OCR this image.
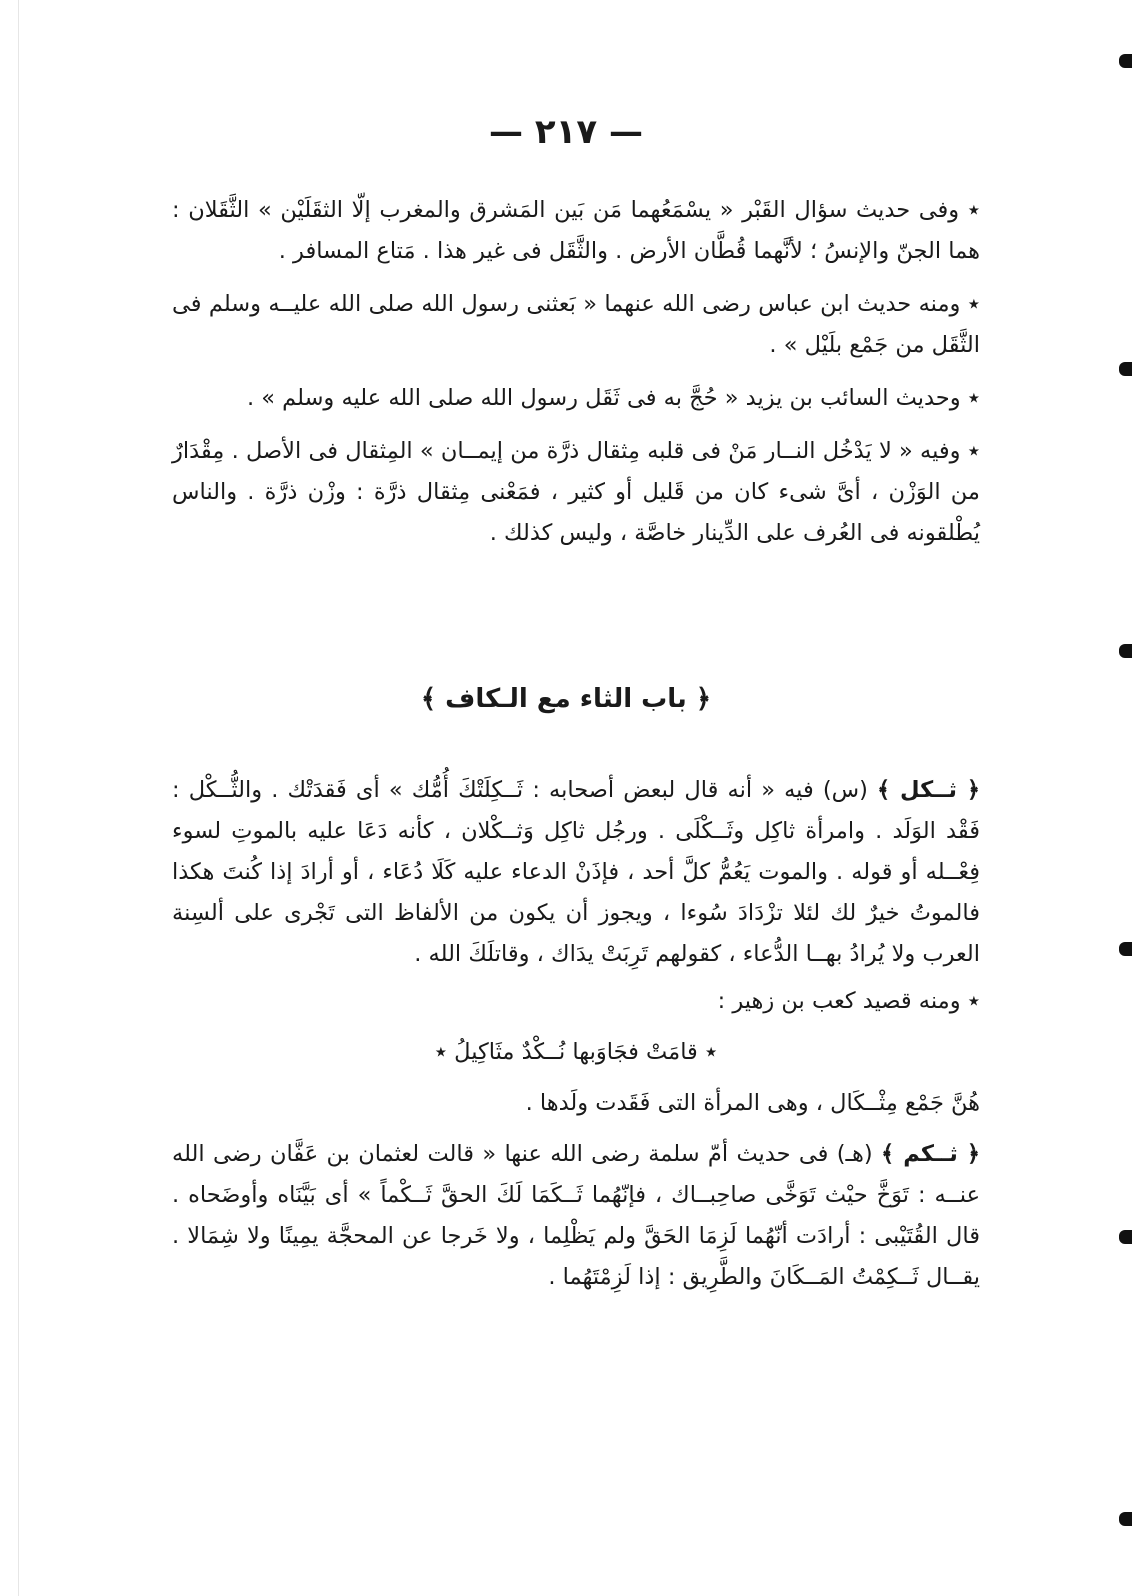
— ٢١٧ —

٭ وفى حديث سؤال القَبْر « يسْمَعُهما مَن بَين المَشرق والمغرب إلّا الثقَلَيْن » الثَّقَلان : هما الجنّ والإنسُ ؛ لأنَّهما قُطَّان الأرض . والثَّقَل فى غير هذا . مَتاع المسافر .

٭ ومنه حديث ابن عباس رضى الله عنهما « بَعثنى رسول الله صلى الله عليــه وسلم فى الثَّقَل من جَمْع بلَيْل » .

٭ وحديث السائب بن يزيد « حُجَّ به فى ثَقَل رسول الله صلى الله عليه وسلم » .

٭ وفيه « لا يَدْخُل النــار مَنْ فى قلبه مِثقال ذرَّة من إيمــان » المِثقال فى الأصل . مِقْدَارٌ من الوَزْن ، أىَّ شىء كان من قَليل أو كثير ، فمَعْنى مِثقال ذرَّة : وزْن ذرَّة . والناس يُطْلقونه فى العُرف على الدِّينار خاصَّة ، وليس كذلك .

﴿ باب الثاء مع الـكاف ﴾

﴿ ثــكل ﴾ (س) فيه « أنه قال لبعض أصحابه : ثَــكِلَتْكَ أُمُّك » أى فَقدَتْك . والثُّــكْل : فَقْد الوَلَد . وامرأة ثاكِل وثَــكْلَى . ورجُل ثاكِل وَثــكْلان ، كأنه دَعَا عليه بالموتِ لسوء فِعْــله أو قوله . والموت يَعُمُّ كلَّ أحد ، فإذَنْ الدعاء عليه كَلَا دُعَاء ، أو أرادَ إذا كُنتَ هكذا فالموتُ خيرٌ لك لئلا تزْدَادَ سُوءا ، ويجوز أن يكون من الألفاظ التى تَجْرى على ألسِنة العرب ولا يُرادُ بهــا الدُّعاء ، كقولهم تَرِبَتْ يدَاك ، وقاتلَكَ الله .

٭ ومنه قصيد كعب بن زهير :

٭ قامَتْ فجَاوَبها نُــكْدٌ مثَاكِيلُ ٭

هُنَّ جَمْع مِثْــكَال ، وهى المرأة التى فَقَدت ولَدها .

﴿ ثــكم ﴾ (هـ) فى حديث أمّ سلمة رضى الله عنها « قالت لعثمان بن عَفَّان رضى الله عنــه : تَوَخَّ حيْث تَوَخَّى صاحِبــاك ، فإنّهُما ثَــكَمَا لَكَ الحقَّ ثَــكْماً » أى بَيَّنَاه وأوضَحاه . قال القُتَيْبى : أرادَت أنّهُما لَزِمَا الحَقَّ ولم يَظْلِما ، ولا خَرجا عن المحجَّة يمِينًا ولا شِمَالا . يقــال ثَــكِمْتُ المَــكَانَ والطَّرِيق : إذا لَزِمْتَهُما .
